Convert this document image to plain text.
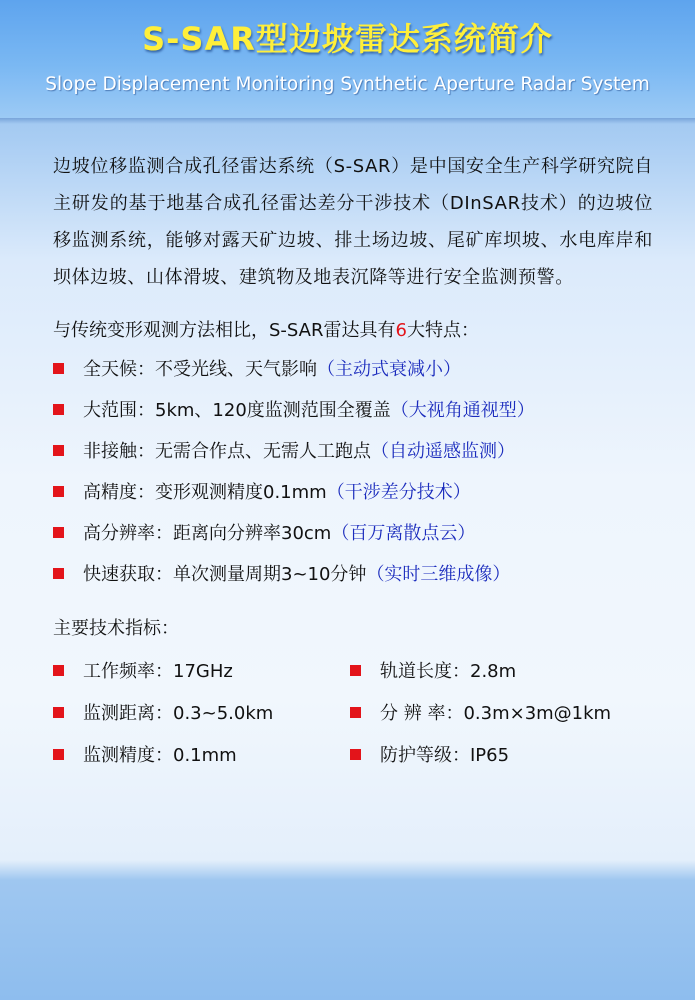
S-SAR型边坡雷达系统简介
Slope Displacement Monitoring Synthetic Aperture Radar System

边坡位移监测合成孔径雷达系统（S-SAR）是中国安全生产科学研究院自主研发的基于地基合成孔径雷达差分干涉技术（DInSAR技术）的边坡位移监测系统，能够对露天矿边坡、排土场边坡、尾矿库坝坡、水电库岸和坝体边坡、山体滑坡、建筑物及地表沉降等进行安全监测预警。

与传统变形观测方法相比，S-SAR雷达具有6大特点：

全天候：不受光线、天气影响（主动式衰减小）
大范围：5km、120度监测范围全覆盖（大视角通视型）
非接触：无需合作点、无需人工跑点（自动遥感监测）
高精度：变形观测精度0.1mm（干涉差分技术）
高分辨率：距离向分辨率30cm（百万离散点云）
快速获取：单次测量周期3~10分钟（实时三维成像）

主要技术指标：

工作频率：17GHz	轨道长度：2.8m
监测距离：0.3~5.0km	分 辨 率：0.3m×3m@1km
监测精度：0.1mm	防护等级：IP65
